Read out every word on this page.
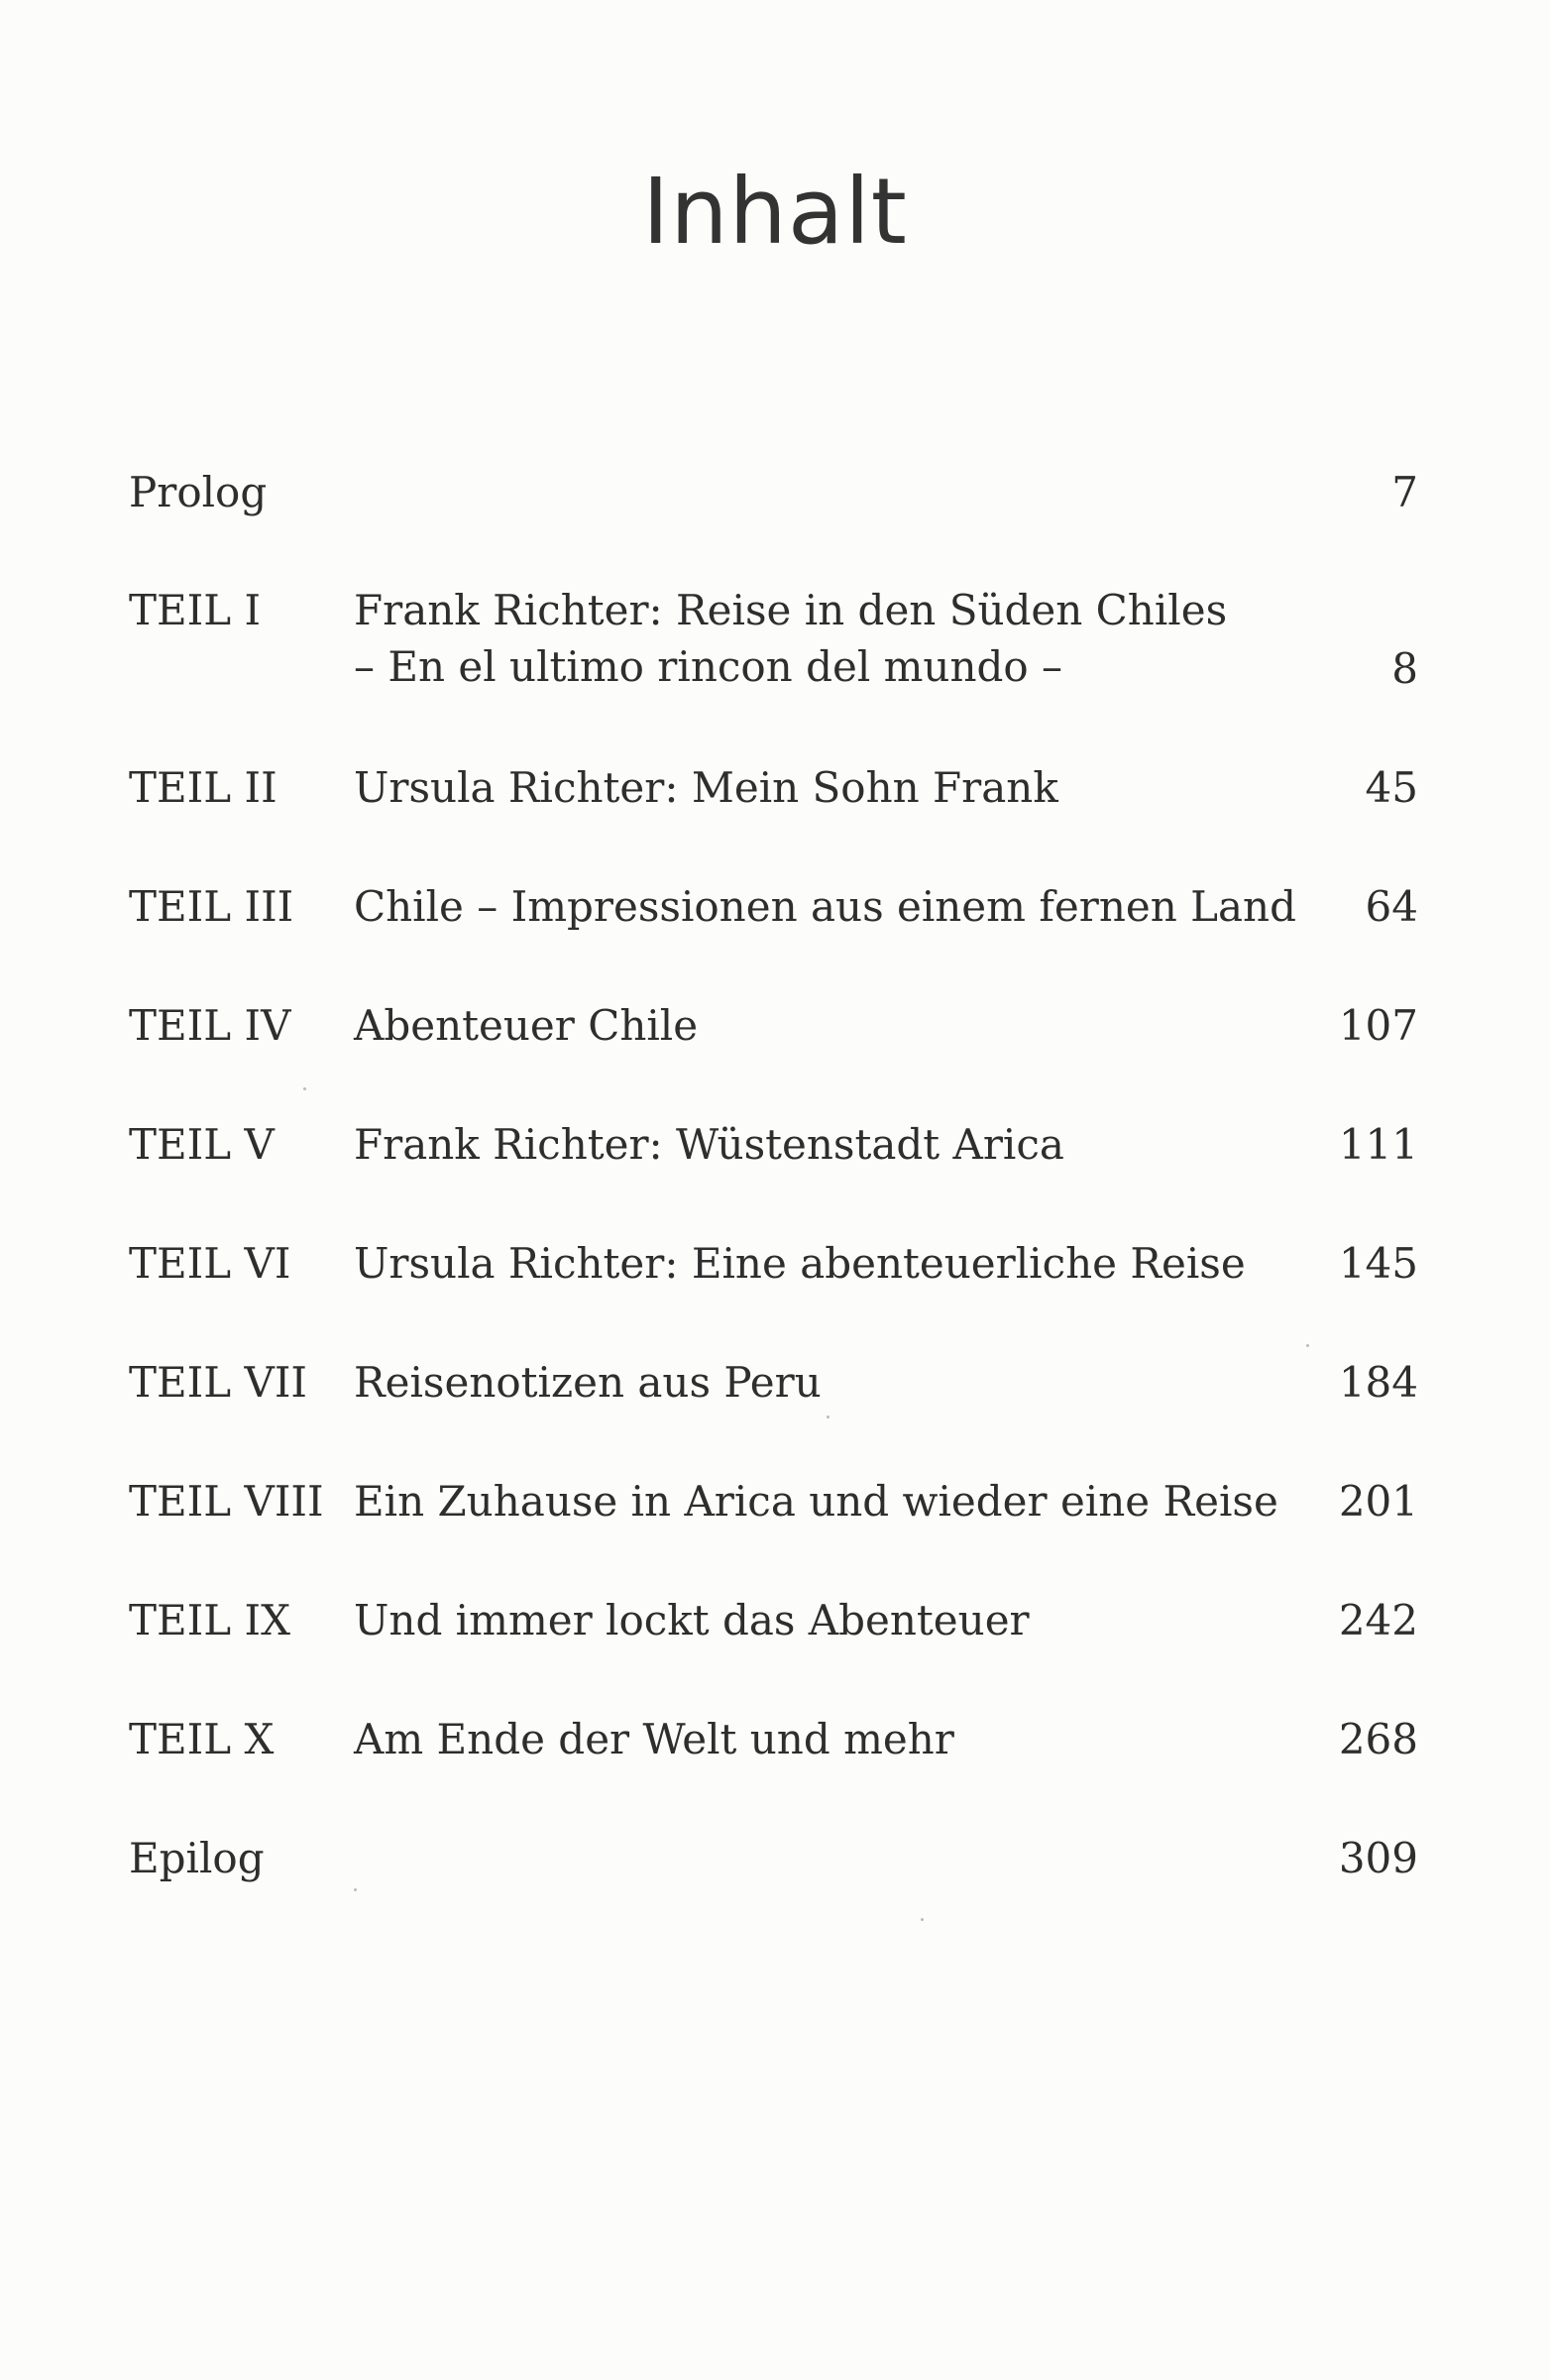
Inhalt
Prolog	7
TEIL I Frank Richter: Reise in den Süden Chiles
– En el ultimo rincon del mundo –	8
TEIL II Ursula Richter: Mein Sohn Frank	45
TEIL III Chile – Impressionen aus einem fernen Land 64
TEIL IV Abenteuer Chile	107
TEIL V Frank Richter: Wüstenstadt Arica	111
TEIL VI Ursula Richter: Eine abenteuerliche Reise 145
TEIL VII Reisenotizen aus Peru	184
TEIL VIII Ein Zuhause in Arica und wieder eine Reise 201
TEIL IX Und immer lockt das Abenteuer	242
TEIL X Am Ende der Welt und mehr	268
Epilog	309
